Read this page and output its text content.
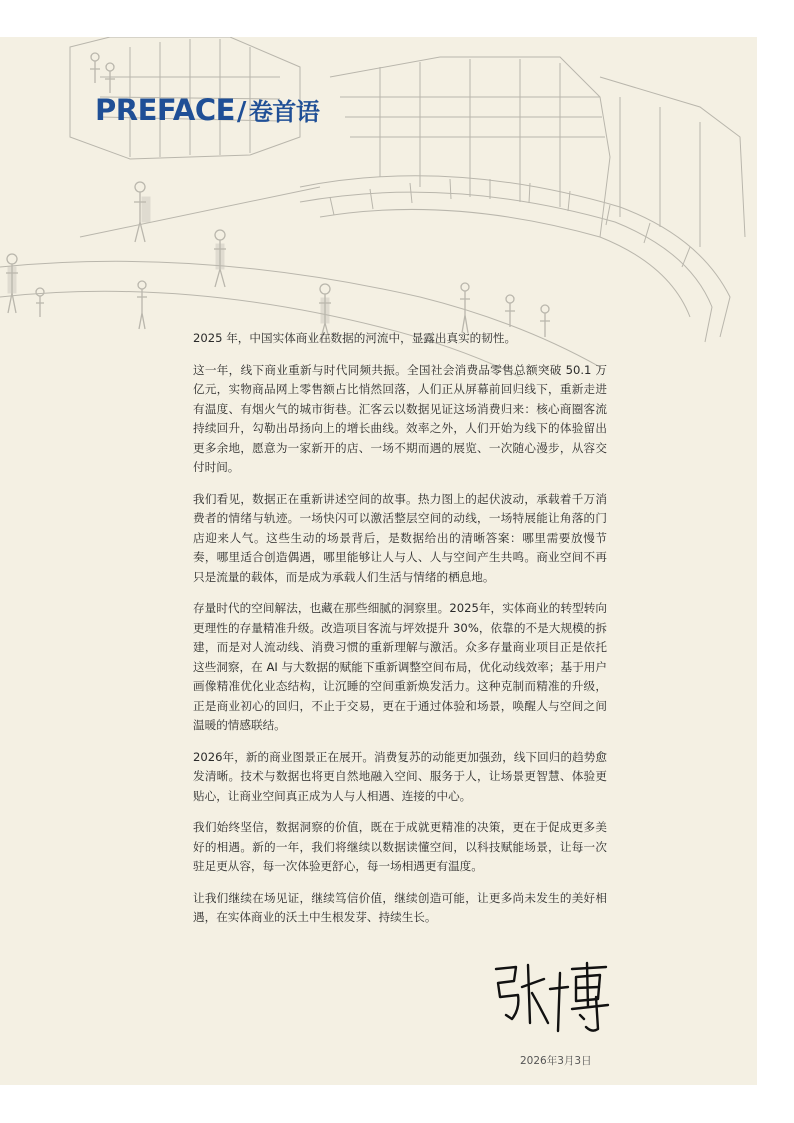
PREFACE/ 卷首语

2025 年，中国实体商业在数据的河流中，显露出真实的韧性。

这一年，线下商业重新与时代同频共振。全国社会消费品零售总额突破 50.1 万亿元，实物商品网上零售额占比悄然回落，人们正从屏幕前回归线下，重新走进有温度、有烟火气的城市街巷。汇客云以数据见证这场消费归来：核心商圈客流持续回升，勾勒出昂扬向上的增长曲线。效率之外，人们开始为线下的体验留出更多余地，愿意为一家新开的店、一场不期而遇的展览、一次随心漫步，从容交付时间。

我们看见，数据正在重新讲述空间的故事。热力图上的起伏波动，承载着千万消费者的情绪与轨迹。一场快闪可以激活整层空间的动线，一场特展能让角落的门店迎来人气。这些生动的场景背后，是数据给出的清晰答案：哪里需要放慢节奏，哪里适合创造偶遇，哪里能够让人与人、人与空间产生共鸣。商业空间不再只是流量的载体，而是成为承载人们生活与情绪的栖息地。

存量时代的空间解法，也藏在那些细腻的洞察里。2025年，实体商业的转型转向更理性的存量精准升级。改造项目客流与坪效提升 30%，依靠的不是大规模的拆建，而是对人流动线、消费习惯的重新理解与激活。众多存量商业项目正是依托这些洞察，在 AI 与大数据的赋能下重新调整空间布局，优化动线效率；基于用户画像精准优化业态结构，让沉睡的空间重新焕发活力。这种克制而精准的升级，正是商业初心的回归，不止于交易，更在于通过体验和场景，唤醒人与空间之间温暖的情感联结。

2026年，新的商业图景正在展开。消费复苏的动能更加强劲，线下回归的趋势愈发清晰。技术与数据也将更自然地融入空间、服务于人，让场景更智慧、体验更贴心，让商业空间真正成为人与人相遇、连接的中心。

我们始终坚信，数据洞察的价值，既在于成就更精准的决策，更在于促成更多美好的相遇。新的一年，我们将继续以数据读懂空间，以科技赋能场景，让每一次驻足更从容，每一次体验更舒心，每一场相遇更有温度。

让我们继续在场见证，继续笃信价值，继续创造可能，让更多尚未发生的美好相遇，在实体商业的沃土中生根发芽、持续生长。

2026年3月3日
